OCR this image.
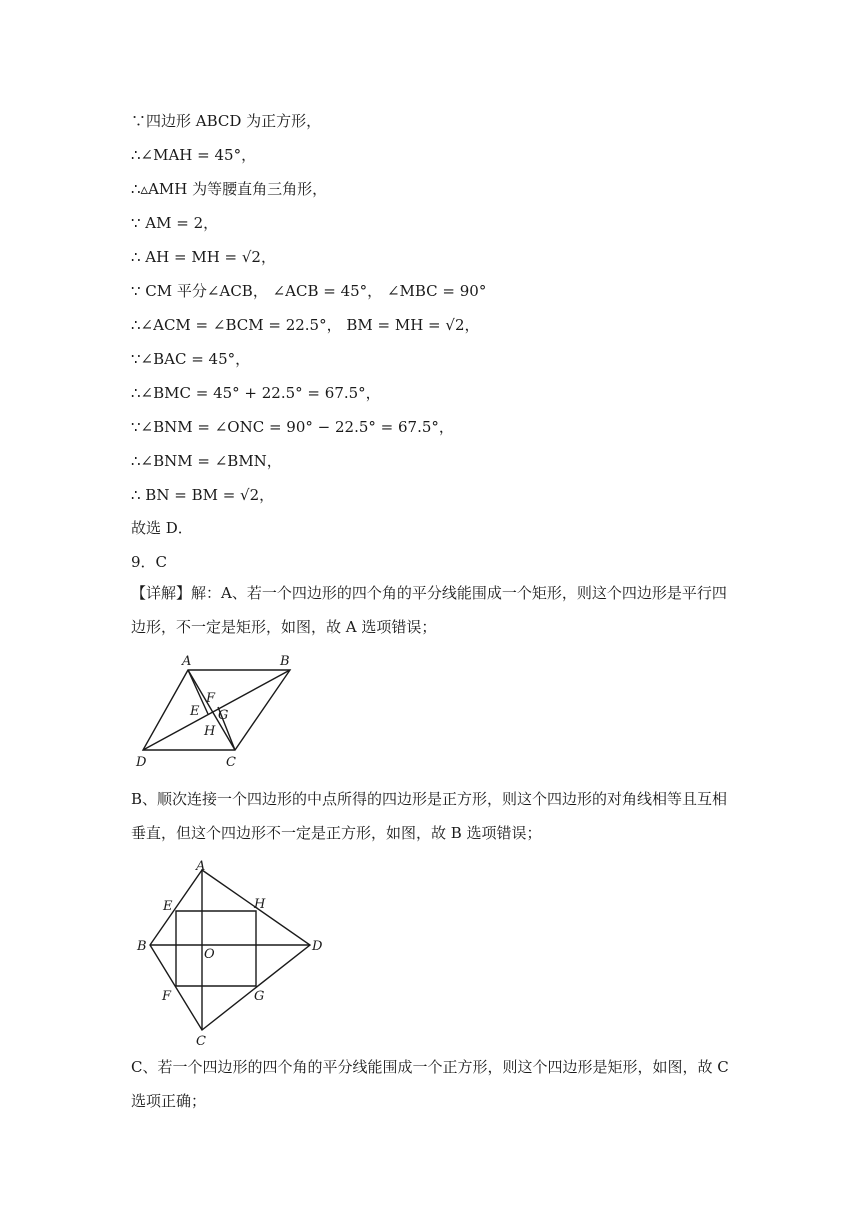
∵四边形 ABCD 为正方形，
∴∠MAH = 45°，
∴▵AMH 为等腰直角三角形，
∵ AM = 2，
∴ AH = MH = √2，
∵ CM 平分∠ACB， ∠ACB = 45°， ∠MBC = 90°
∴∠ACM = ∠BCM = 22.5°， BM = MH = √2，
∵∠BAC = 45°，
∴∠BMC = 45° + 22.5° = 67.5°，
∵∠BNM = ∠ONC = 90° − 22.5° = 67.5°，
∴∠BNM = ∠BMN，
∴ BN = BM = √2，
故选 D．
9．C
【详解】解：A、若一个四边形的四个角的平分线能围成一个矩形，则这个四边形是平行四边形，不一定是矩形，如图，故 A 选项错误；
A	B
C
D
E
F
G
H
B、顺次连接一个四边形的中点所得的四边形是正方形，则这个四边形的对角线相等且互相垂直，但这个四边形不一定是正方形，如图，故 B 选项错误；
A
B
C
D
E
F	G
H
O
C、若一个四边形的四个角的平分线能围成一个正方形，则这个四边形是矩形，如图，故 C 选项正确；
